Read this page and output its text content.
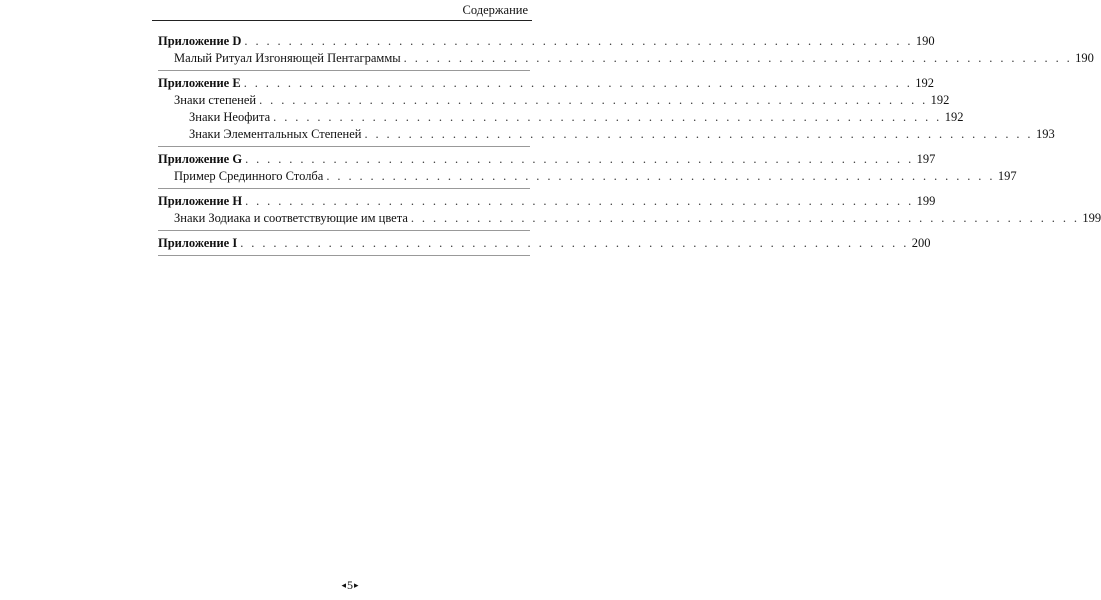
Содержание
Приложение D . . . . . . . . . . . . . . . . . . . . . . . . . . . . . . . . . . . . . . . . . . . . . . . . . . . . . . . . . . . . . 190
Малый Ритуал Изгоняющей Пентаграммы . . . . . . . . . . . . . . . . . . . . . . . . . . . . . . . . . . . . . . . . . . . . . . . . . . . . . . . . . . . . . 190
Приложение E . . . . . . . . . . . . . . . . . . . . . . . . . . . . . . . . . . . . . . . . . . . . . . . . . . . . . . . . . . . . . 192
Знаки степеней . . . . . . . . . . . . . . . . . . . . . . . . . . . . . . . . . . . . . . . . . . . . . . . . . . . . . . . . . . . . . 192
Знаки Неофита . . . . . . . . . . . . . . . . . . . . . . . . . . . . . . . . . . . . . . . . . . . . . . . . . . . . . . . . . . . . . 192
Знаки Элементальных Степеней . . . . . . . . . . . . . . . . . . . . . . . . . . . . . . . . . . . . . . . . . . . . . . . . . . . . . . . . . . . . . 193
Приложение G . . . . . . . . . . . . . . . . . . . . . . . . . . . . . . . . . . . . . . . . . . . . . . . . . . . . . . . . . . . . . 197
Пример Срединного Столба . . . . . . . . . . . . . . . . . . . . . . . . . . . . . . . . . . . . . . . . . . . . . . . . . . . . . . . . . . . . . 197
Приложение H . . . . . . . . . . . . . . . . . . . . . . . . . . . . . . . . . . . . . . . . . . . . . . . . . . . . . . . . . . . . . 199
Знаки Зодиака и соответствующие им цвета . . . . . . . . . . . . . . . . . . . . . . . . . . . . . . . . . . . . . . . . . . . . . . . . . . . . . . . . . . . . . 199
Приложение I . . . . . . . . . . . . . . . . . . . . . . . . . . . . . . . . . . . . . . . . . . . . . . . . . . . . . . . . . . . . . 200
◂5▸
